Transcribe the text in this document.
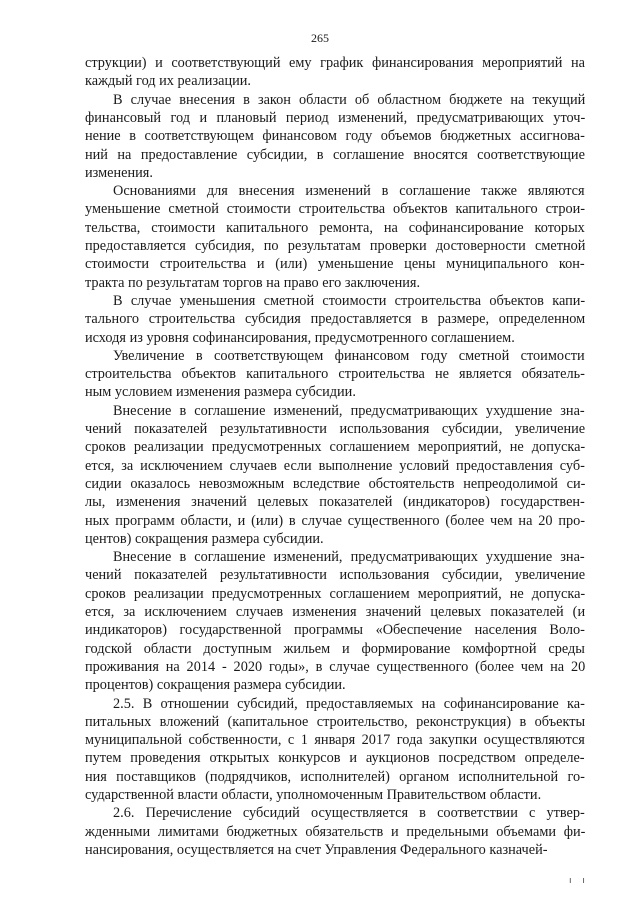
265
струкции) и соответствующий ему график финансирования мероприятий на
каждый год их реализации.
В случае внесения в закон области об областном бюджете на текущий
финансовый год и плановый период изменений, предусматривающих уточ-
нение в соответствующем финансовом году объемов бюджетных ассигнова-
ний на предоставление субсидии, в соглашение вносятся соответствующие
изменения.
Основаниями для внесения изменений в соглашение также являются
уменьшение сметной стоимости строительства объектов капитального строи-
тельства, стоимости капитального ремонта, на софинансирование которых
предоставляется субсидия, по результатам проверки достоверности сметной
стоимости строительства и (или) уменьшение цены муниципального кон-
тракта по результатам торгов на право его заключения.
В случае уменьшения сметной стоимости строительства объектов капи-
тального строительства субсидия предоставляется в размере, определенном
исходя из уровня софинансирования, предусмотренного соглашением.
Увеличение в соответствующем финансовом году сметной стоимости
строительства объектов капитального строительства не является обязатель-
ным условием изменения размера субсидии.
Внесение в соглашение изменений, предусматривающих ухудшение зна-
чений показателей результативности использования субсидии, увеличение
сроков реализации предусмотренных соглашением мероприятий, не допуска-
ется, за исключением случаев если выполнение условий предоставления суб-
сидии оказалось невозможным вследствие обстоятельств непреодолимой си-
лы, изменения значений целевых показателей (индикаторов) государствен-
ных программ области, и (или) в случае существенного (более чем на 20 про-
центов) сокращения размера субсидии.
Внесение в соглашение изменений, предусматривающих ухудшение зна-
чений показателей результативности использования субсидии, увеличение
сроков реализации предусмотренных соглашением мероприятий, не допуска-
ется, за исключением случаев изменения значений целевых показателей (и
индикаторов) государственной программы «Обеспечение населения Воло-
годской области доступным жильем и формирование комфортной среды
проживания на 2014 - 2020 годы», в случае существенного (более чем на 20
процентов) сокращения размера субсидии.
2.5. В отношении субсидий, предоставляемых на софинансирование ка-
питальных вложений (капитальное строительство, реконструкция) в объекты
муниципальной собственности, с 1 января 2017 года закупки осуществляются
путем проведения открытых конкурсов и аукционов посредством определе-
ния поставщиков (подрядчиков, исполнителей) органом исполнительной го-
сударственной власти области, уполномоченным Правительством области.
2.6. Перечисление субсидий осуществляется в соответствии с утвер-
жденными лимитами бюджетных обязательств и предельными объемами фи-
нансирования, осуществляется на счет Управления Федерального казначей-
ı ı
